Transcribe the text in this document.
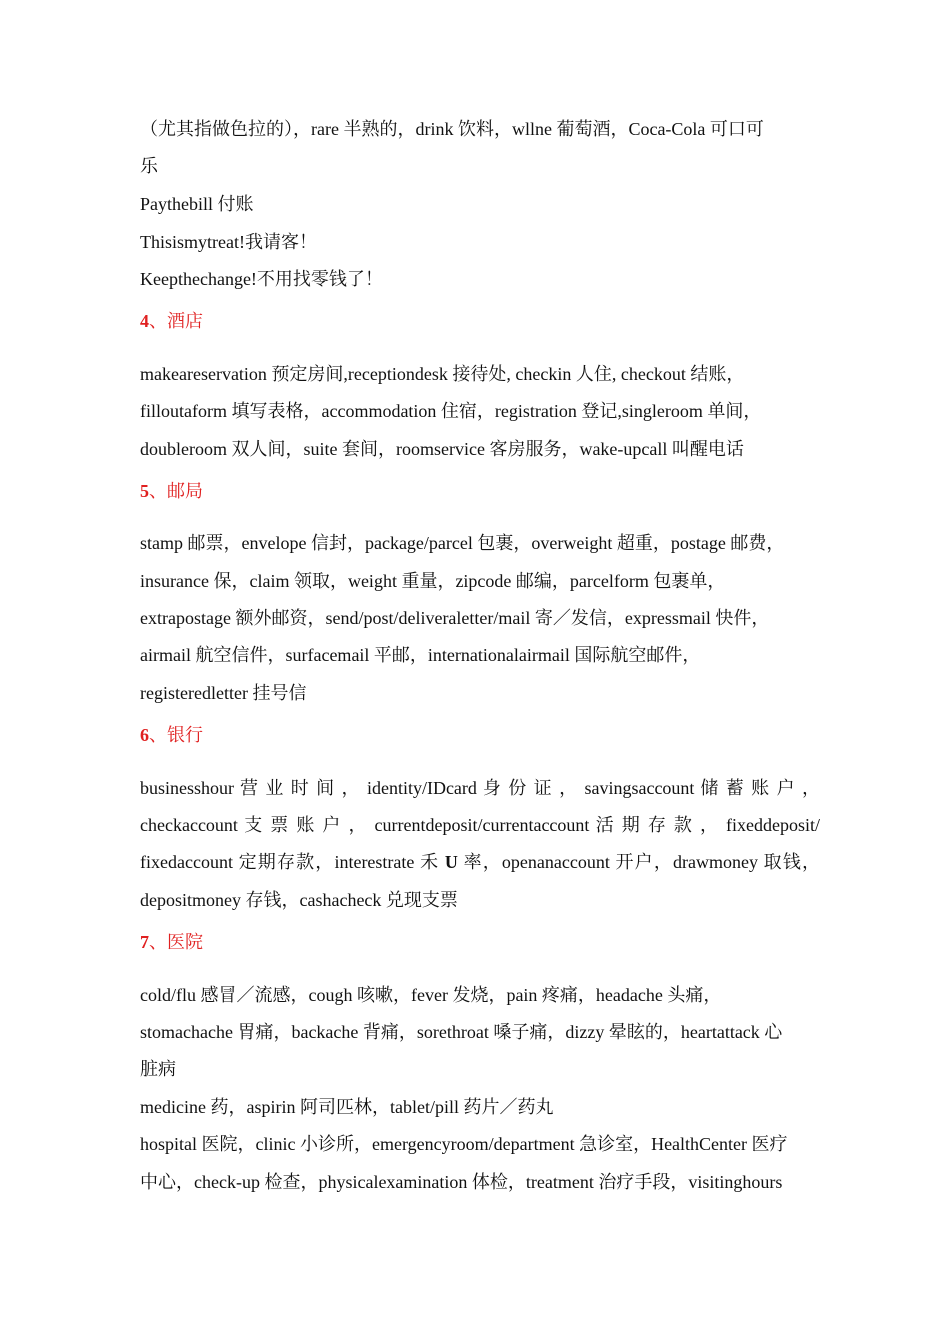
（尤其指做色拉的），rare 半熟的，drink 饮料，wllne 葡萄酒，Coca-Cola 可口可
乐
Paythebill 付账
Thisismytreat!我请客！
Keepthechange!不用找零钱了！
4、酒店
makeareservation 预定房间,receptiondesk 接待处, checkin 人住, checkout 结账，
filloutaform 填写表格，accommodation 住宿，registration 登记,singleroom 单间，
doubleroom 双人间，suite 套间，roomservice 客房服务，wake-upcall 叫醒电话
5、邮局
stamp 邮票，envelope 信封，package/parcel 包裹，overweight 超重，postage 邮费，
insurance 保，claim 领取，weight 重量，zipcode 邮编，parcelform 包裹单，
extrapostage 额外邮资，send/post/deliveraletter/mail 寄／发信，expressmail 快件，
airmail 航空信件，surfacemail 平邮，internationalairmail 国际航空邮件，
registeredletter 挂号信
6、银行
businesshour 营 业 时 间 ， identity/IDcard 身 份 证 ， savingsaccount 储 蓄 账 户 ，
checkaccount 支 票 账 户 ， currentdeposit/currentaccount 活 期 存 款 ， fixeddeposit/
fixedaccount 定期存款，interestrate 禾 U 率，openanaccount 开户，drawmoney 取钱，
depositmoney 存钱，cashacheck 兑现支票
7、医院
cold/flu 感冒／流感，cough 咳嗽，fever 发烧，pain 疼痛，headache 头痛，
stomachache 胃痛，backache 背痛，sorethroat 嗓子痛，dizzy 晕眩的，heartattack 心
脏病
medicine 药，aspirin 阿司匹林，tablet/pill 药片／药丸
hospital 医院，clinic 小诊所，emergencyroom/department 急诊室，HealthCenter 医疗
中心，check-up 检查，physicalexamination 体检，treatment 治疗手段，visitinghours
